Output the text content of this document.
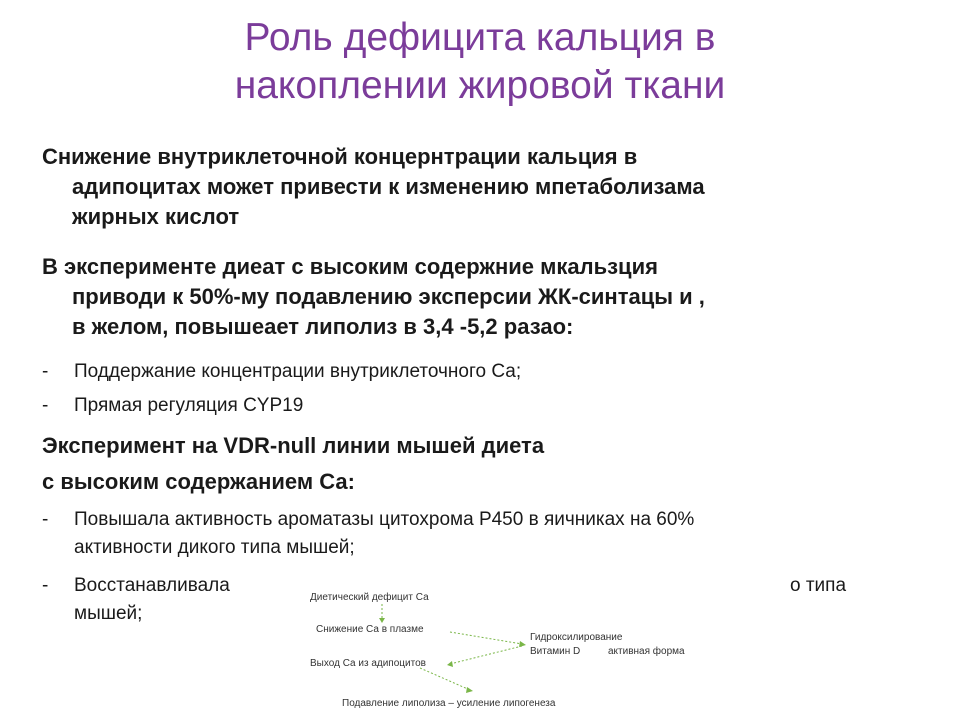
Роль дефицита кальция в
накоплении жировой ткани
Снижение внутриклеточной концернтрации кальция в
адипоцитах может привести к изменению мпетаболизама
жирных кислот
В эксперименте диеат с высоким содержние мкальзция
приводи к 50%-му подавлению эксперсии ЖК-синтацы и ,
в желом, повышеает липолиз в 3,4 -5,2 разао:
-	Поддержание концентрации внутриклеточного Са;
-	Прямая регуляция CYP19
Эксперимент на VDR-null линии мышей диета
с высоким содержанием Са:
-	Повышала активность ароматазы цитохрома Р450 в яичниках на 60%
активности дикого типа мышей;
- Восстанавливала
мышей;
о типа
Диетический дефицит Са
Снижение Са в плазме
Выход Са из адипоцитов
Гидроксилирование
Витамин D	активная форма
Подавление липолиза – усиление липогенеза
